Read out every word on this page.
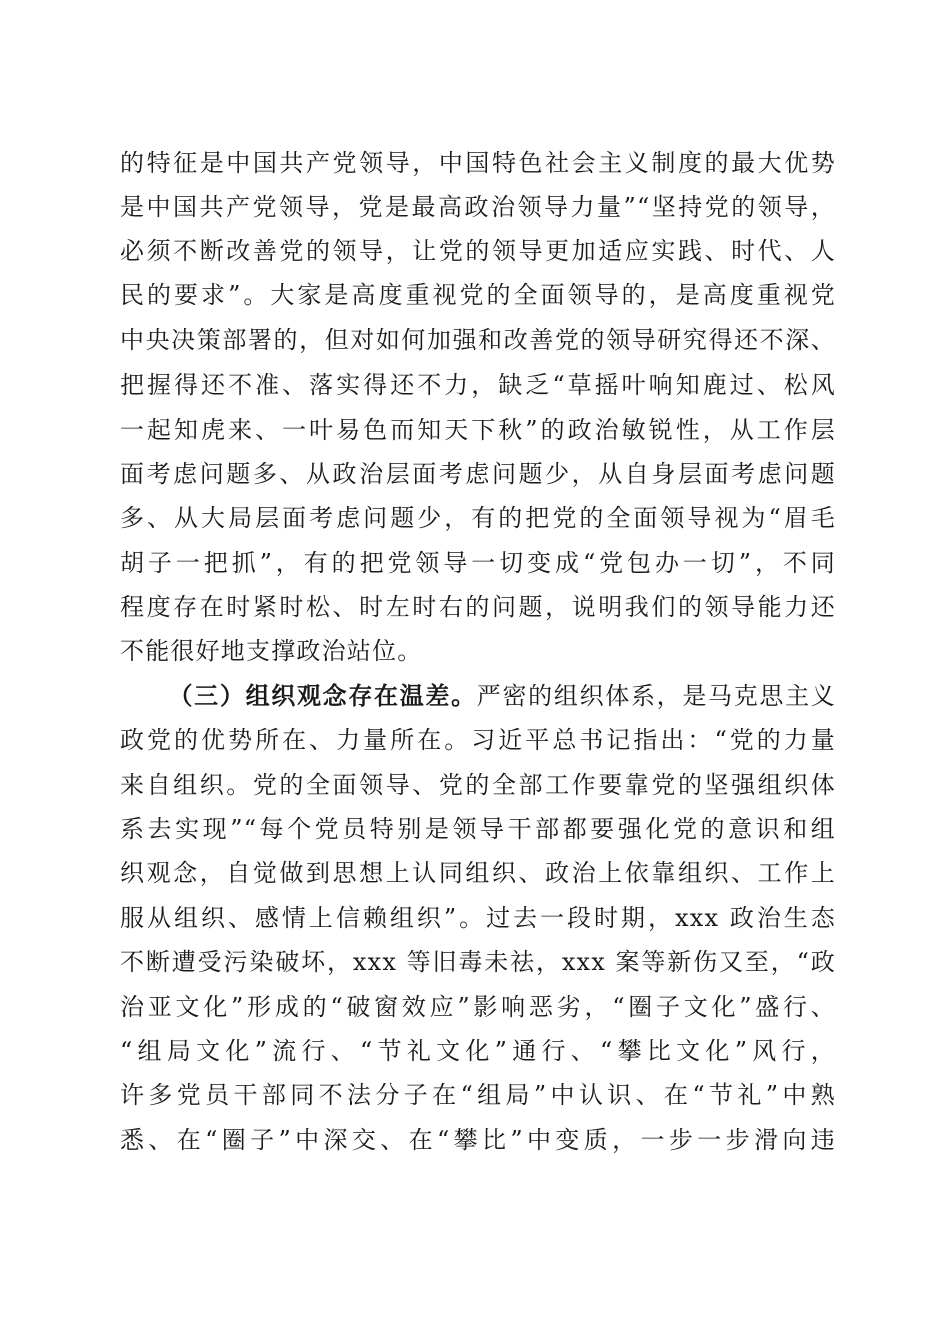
的特征是中国共产党领导，中国特色社会主义制度的最大优势
是中国共产党领导，党是最高政治领导力量”“坚持党的领导，
必须不断改善党的领导，让党的领导更加适应实践、时代、人
民的要求”。大家是高度重视党的全面领导的，是高度重视党
中央决策部署的，但对如何加强和改善党的领导研究得还不深、
把握得还不准、落实得还不力，缺乏“草摇叶响知鹿过、松风
一起知虎来、一叶易色而知天下秋”的政治敏锐性，从工作层
面考虑问题多、从政治层面考虑问题少，从自身层面考虑问题
多、从大局层面考虑问题少，有的把党的全面领导视为“眉毛
胡子一把抓”，有的把党领导一切变成“党包办一切”，不同
程度存在时紧时松、时左时右的问题，说明我们的领导能力还
不能很好地支撑政治站位。
（三）组织观念存在温差。严密的组织体系，是马克思主义
政党的优势所在、力量所在。习近平总书记指出：“党的力量
来自组织。党的全面领导、党的全部工作要靠党的坚强组织体
系去实现”“每个党员特别是领导干部都要强化党的意识和组
织观念，自觉做到思想上认同组织、政治上依靠组织、工作上
服从组织、感情上信赖组织”。过去一段时期，xxx 政治生态
不断遭受污染破坏，xxx 等旧毒未祛，xxx 案等新伤又至，“政
治亚文化”形成的“破窗效应”影响恶劣，“圈子文化”盛行、
“组局文化”流行、“节礼文化”通行、“攀比文化”风行，
许多党员干部同不法分子在“组局”中认识、在“节礼”中熟
悉、在“圈子”中深交、在“攀比”中变质，一步一步滑向违
